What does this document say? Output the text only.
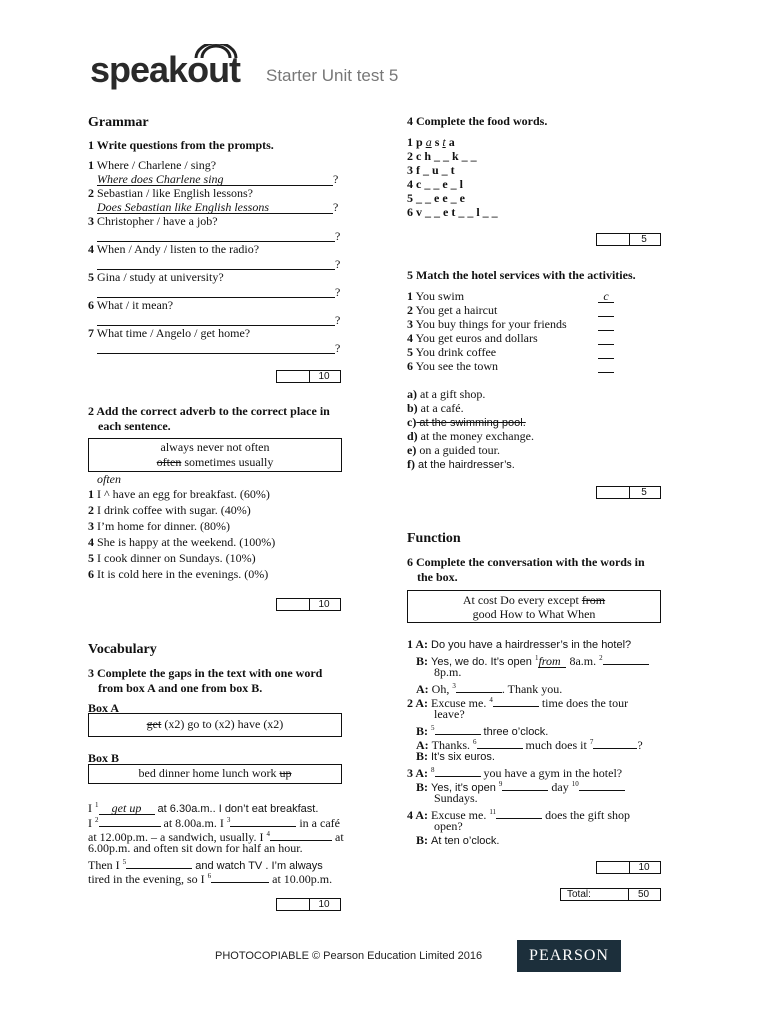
speakout Starter Unit test 5
Grammar
1 Write questions from the prompts.
1 Where / Charlene / sing?
Where does Charlene sing	?
2 Sebastian / like English lessons?
Does Sebastian like English lessons	?
3 Christopher / have a job?
?
4 When / Andy / listen to the radio?
?
5 Gina / study at university?
?
6 What / it mean?
?
7 What time / Angelo / get home?
?
10
2 Add the correct adverb to the correct place in
each sentence.
always never not often
often sometimes usually
often
1 I ^ have an egg for breakfast. (60%)
2 I drink coffee with sugar. (40%)
3 I’m home for dinner. (80%)
4 She is happy at the weekend. (100%)
5 I cook dinner on Sundays. (10%)
6 It is cold here in the evenings. (0%)
10
Vocabulary
3 Complete the gaps in the text with one word
from box A and one from box B.
Box A
get (x2) go to (x2) have (x2)
Box B
bed dinner home lunch work up
I $^1$ get up at 6.30a.m.. I don’t eat breakfast.
I $^2$	at 8.00a.m. I $^3$	in a café
at 12.00p.m. – a sandwich, usually. I $^4$	at
6.00p.m. and often sit down for half an hour.
Then I $^5$	and watch TV . I’m always
tired in the evening, so I $^6$	at 10.00p.m.
10
4 Complete the food words.
1 p a s t a
2 c h _ _ k _ _
3 f _ u _ t
4 c _ _ e _ l
5 _ _ e e _ e
6 v _ _ e t _ _ l _ _
5
5 Match the hotel services with the activities.
1 You swim
2 You get a haircut
3 You buy things for your friends
4 You get euros and dollars
5 You drink coffee
6 You see the town
c
a) at a gift shop.
b) at a café.
c) at the swimming pool.
d) at the money exchange.
e) on a guided tour.
f) at the hairdresser’s.
5
Function
6 Complete the conversation with the words in
the box.
At cost Do every except from
good How to What When
1 A: Do you have a hairdresser’s in the hotel?
B: Yes, we do. It’s open $^1$from 8a.m. $^2$
8p.m.
A: Oh, $^3$	. Thank you.
2 A: Excuse me. $^4$	time does the tour
leave?
B: $^5$	three o’clock.
A: Thanks. $^6$	much does it $^7$	?
B: It’s six euros.
3 A: $^8$	you have a gym in the hotel?
B: Yes, it’s open $^9$	day $^{10}$
Sundays.
4 A: Excuse me. $^{11}$	does the gift shop
open?
B: At ten o’clock.
10
Total:	50
PHOTOCOPIABLE © Pearson Education Limited 2016	PEARSON
